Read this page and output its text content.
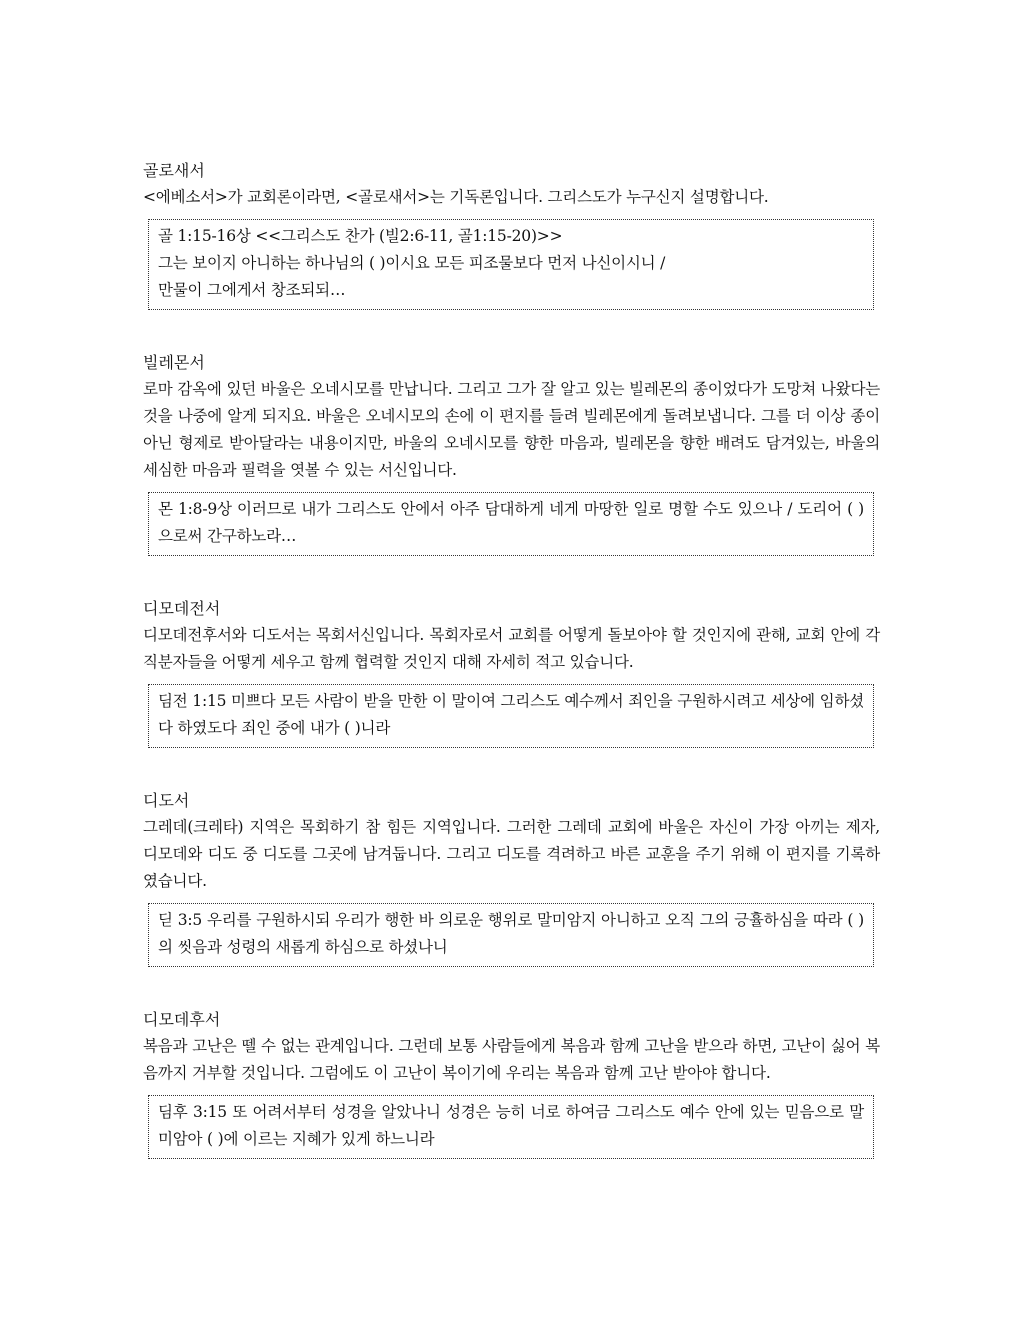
골로새서

<에베소서>가 교회론이라면, <골로새서>는 기독론입니다. 그리스도가 누구신지 설명합니다.

골 1:15-16상 <<그리스도 찬가 (빌2:6-11, 골1:15-20)>>
그는 보이지 아니하는 하나님의 ( )이시요 모든 피조물보다 먼저 나신이시니 /
만물이 그에게서 창조되되…

빌레몬서

로마 감옥에 있던 바울은 오네시모를 만납니다. 그리고 그가 잘 알고 있는 빌레몬의 종이었다가 도망쳐 나왔다는 것을 나중에 알게 되지요. 바울은 오네시모의 손에 이 편지를 들려 빌레몬에게 돌려보냅니다. 그를 더 이상 종이 아닌 형제로 받아달라는 내용이지만, 바울의 오네시모를 향한 마음과, 빌레몬을 향한 배려도 담겨있는, 바울의 세심한 마음과 필력을 엿볼 수 있는 서신입니다.

몬 1:8-9상 이러므로 내가 그리스도 안에서 아주 담대하게 네게 마땅한 일로 명할 수도 있으나 / 도리어 ( )으로써 간구하노라…

디모데전서

디모데전후서와 디도서는 목회서신입니다. 목회자로서 교회를 어떻게 돌보아야 할 것인지에 관해, 교회 안에 각 직분자들을 어떻게 세우고 함께 협력할 것인지 대해 자세히 적고 있습니다.

딤전 1:15 미쁘다 모든 사람이 받을 만한 이 말이여 그리스도 예수께서 죄인을 구원하시려고 세상에 임하셨다 하였도다 죄인 중에 내가 ( )니라

디도서

그레데(크레타) 지역은 목회하기 참 힘든 지역입니다. 그러한 그레데 교회에 바울은 자신이 가장 아끼는 제자, 디모데와 디도 중 디도를 그곳에 남겨둡니다. 그리고 디도를 격려하고 바른 교훈을 주기 위해 이 편지를 기록하였습니다.

딛 3:5 우리를 구원하시되 우리가 행한 바 의로운 행위로 말미암지 아니하고 오직 그의 긍휼하심을 따라 ( )의 씻음과 성령의 새롭게 하심으로 하셨나니

디모데후서

복음과 고난은 뗄 수 없는 관계입니다. 그런데 보통 사람들에게 복음과 함께 고난을 받으라 하면, 고난이 싫어 복음까지 거부할 것입니다. 그럼에도 이 고난이 복이기에 우리는 복음과 함께 고난 받아야 합니다.

딤후 3:15 또 어려서부터 성경을 알았나니 성경은 능히 너로 하여금 그리스도 예수 안에 있는 믿음으로 말미암아 ( )에 이르는 지혜가 있게 하느니라
